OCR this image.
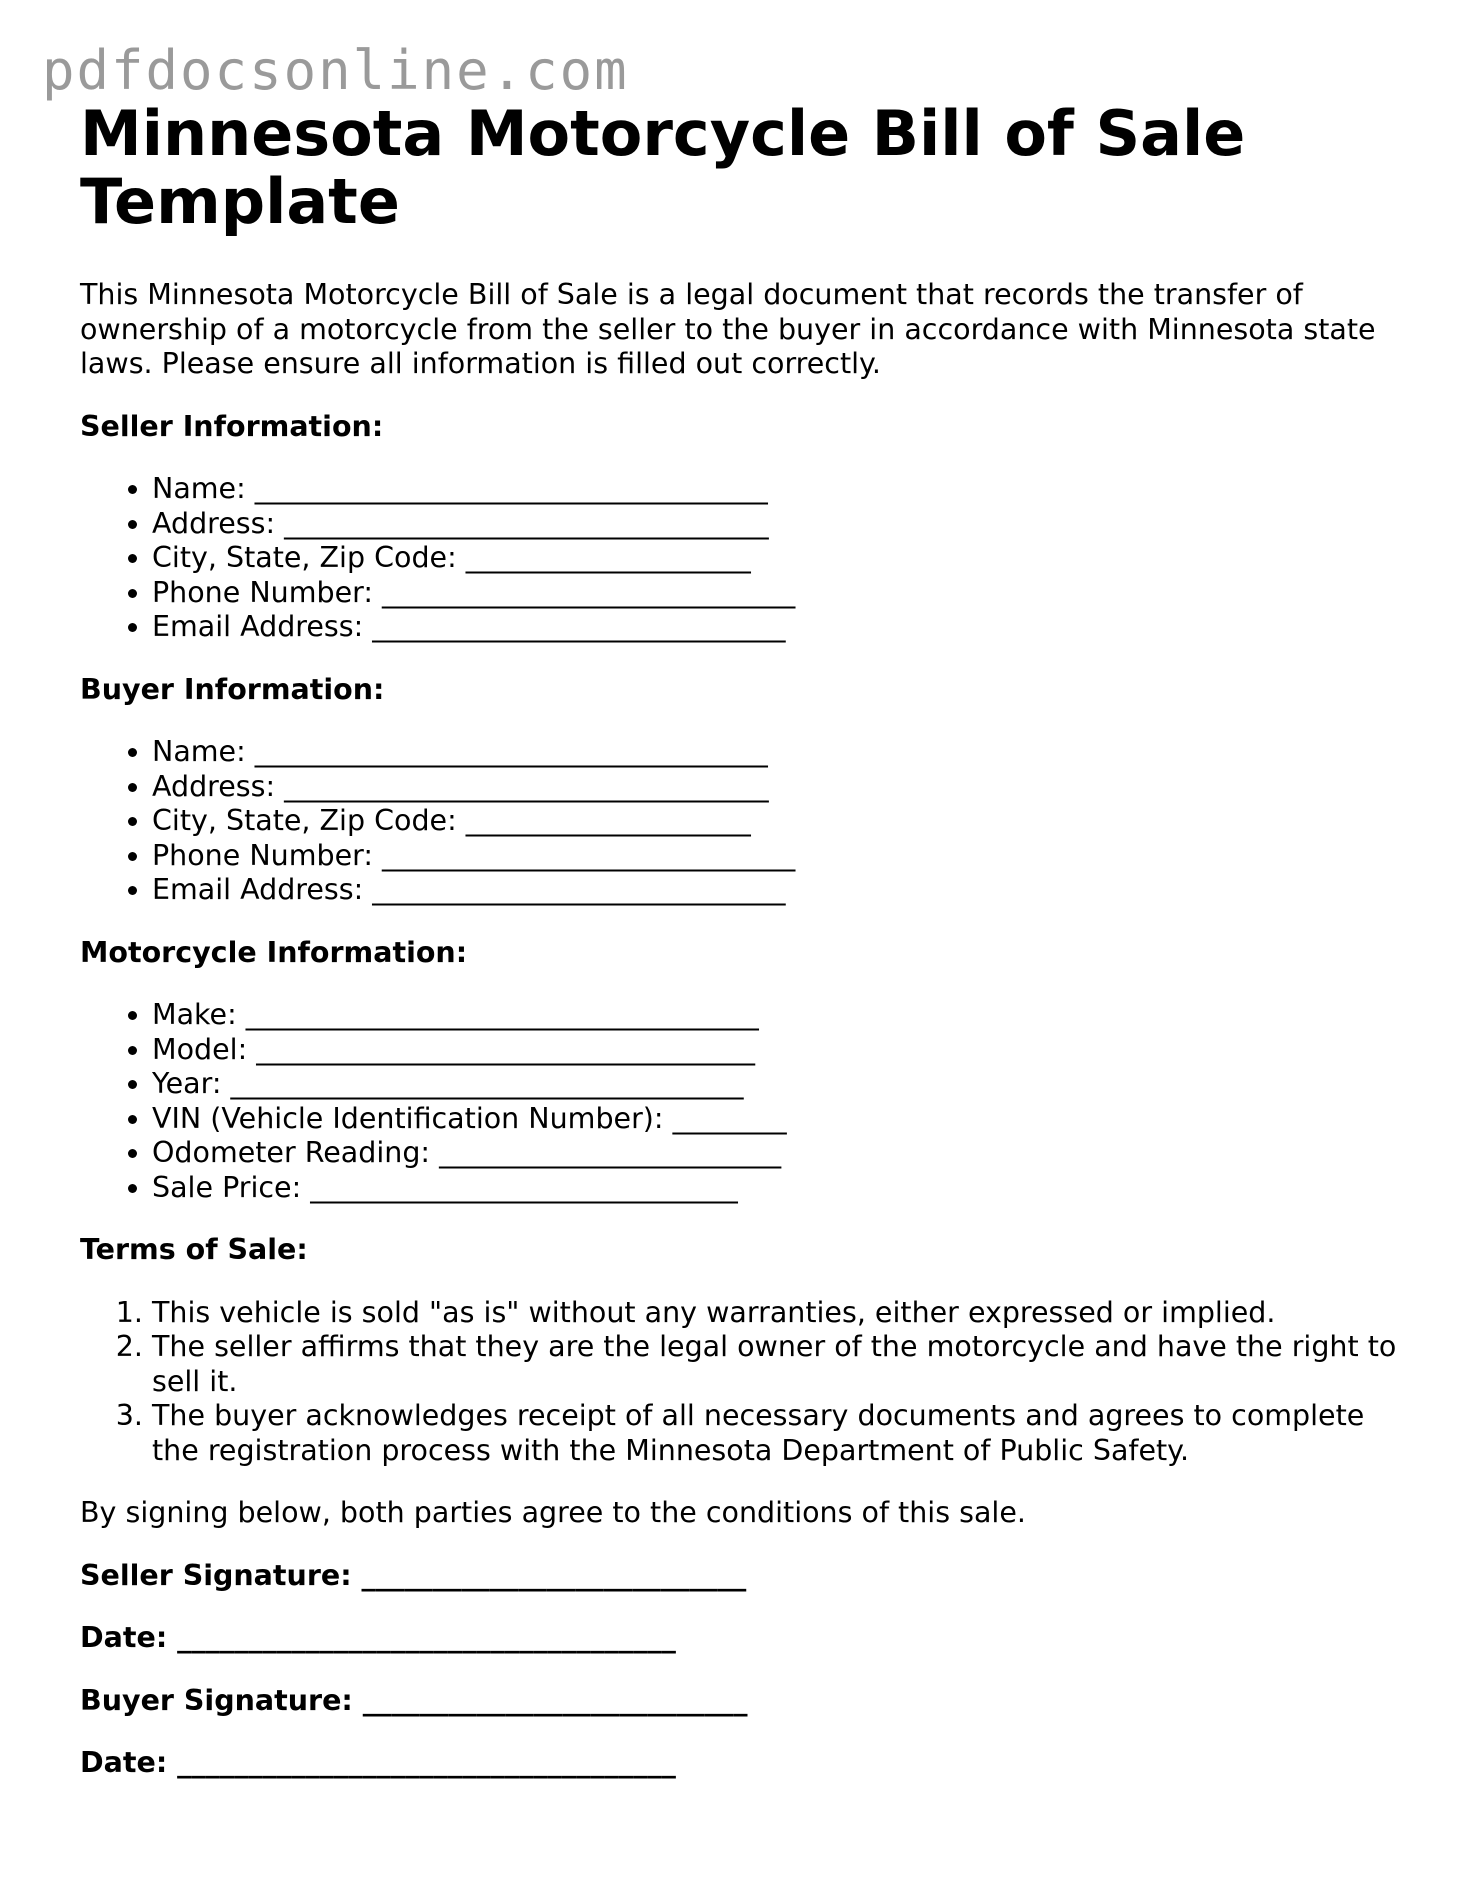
pdfdocsonline.com
Minnesota Motorcycle Bill of Sale Template

This Minnesota Motorcycle Bill of Sale is a legal document that records the transfer of ownership of a motorcycle from the seller to the buyer in accordance with Minnesota state laws. Please ensure all information is filled out correctly.

Seller Information:
• Name: ____________________________________
• Address: __________________________________
• City, State, Zip Code: ____________________
• Phone Number: _____________________________
• Email Address: _____________________________
Buyer Information:
• Name: ____________________________________
• Address: __________________________________
• City, State, Zip Code: ____________________
• Phone Number: _____________________________
• Email Address: _____________________________
Motorcycle Information:
• Make: ____________________________________
• Model: ___________________________________
• Year: ____________________________________
• VIN (Vehicle Identification Number): ________
• Odometer Reading: ________________________
• Sale Price: ______________________________
Terms of Sale:
1. This vehicle is sold "as is" without any warranties, either expressed or implied.
2. The seller affirms that they are the legal owner of the motorcycle and have the right to sell it.
3. The buyer acknowledges receipt of all necessary documents and agrees to complete the registration process with the Minnesota Department of Public Safety.

By signing below, both parties agree to the conditions of this sale.

Seller Signature: ___________________________

Date: ___________________________________

Buyer Signature: ___________________________

Date: ___________________________________
